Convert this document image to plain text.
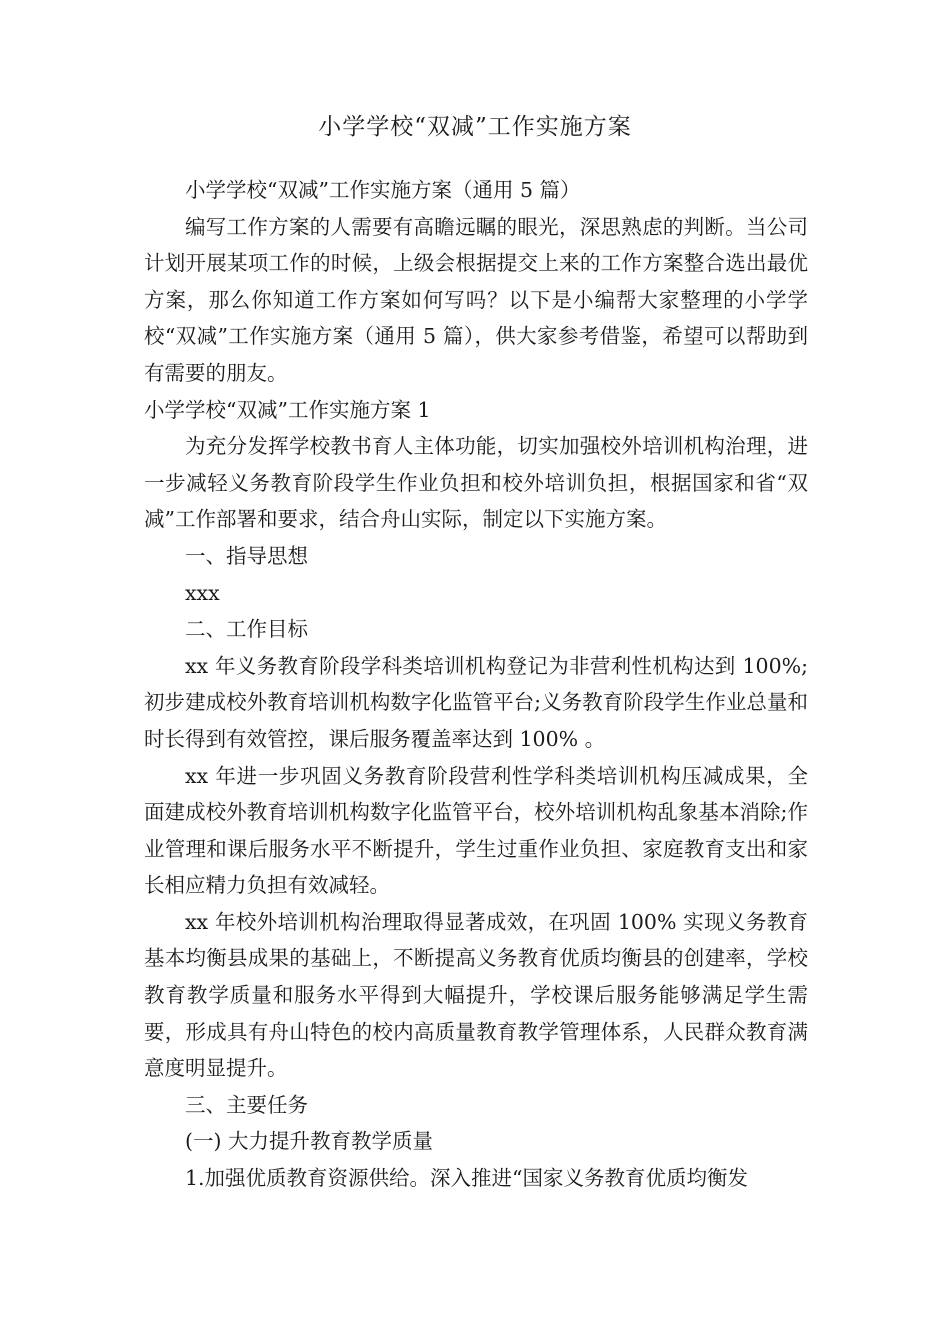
小学学校“双减”工作实施方案

小学学校“双减”工作实施方案（通用 5 篇）

编写工作方案的人需要有高瞻远瞩的眼光，深思熟虑的判断。当公司计划开展某项工作的时候，上级会根据提交上来的工作方案整合选出最优方案，那么你知道工作方案如何写吗？以下是小编帮大家整理的小学学校“双减”工作实施方案（通用 5 篇），供大家参考借鉴，希望可以帮助到有需要的朋友。

小学学校“双减”工作实施方案 1

为充分发挥学校教书育人主体功能，切实加强校外培训机构治理，进一步减轻义务教育阶段学生作业负担和校外培训负担，根据国家和省“双减”工作部署和要求，结合舟山实际，制定以下实施方案。

一、指导思想

xxx

二、工作目标

xx 年义务教育阶段学科类培训机构登记为非营利性机构达到 100%; 初步建成校外教育培训机构数字化监管平台;义务教育阶段学生作业总量和时长得到有效管控，课后服务覆盖率达到 100% 。

xx 年进一步巩固义务教育阶段营利性学科类培训机构压减成果，全面建成校外教育培训机构数字化监管平台，校外培训机构乱象基本消除;作业管理和课后服务水平不断提升，学生过重作业负担、家庭教育支出和家长相应精力负担有效减轻。

xx 年校外培训机构治理取得显著成效，在巩固 100% 实现义务教育基本均衡县成果的基础上，不断提高义务教育优质均衡县的创建率，学校教育教学质量和服务水平得到大幅提升，学校课后服务能够满足学生需要，形成具有舟山特色的校内高质量教育教学管理体系，人民群众教育满意度明显提升。

三、主要任务

(一) 大力提升教育教学质量

1.加强优质教育资源供给。深入推进“国家义务教育优质均衡发
